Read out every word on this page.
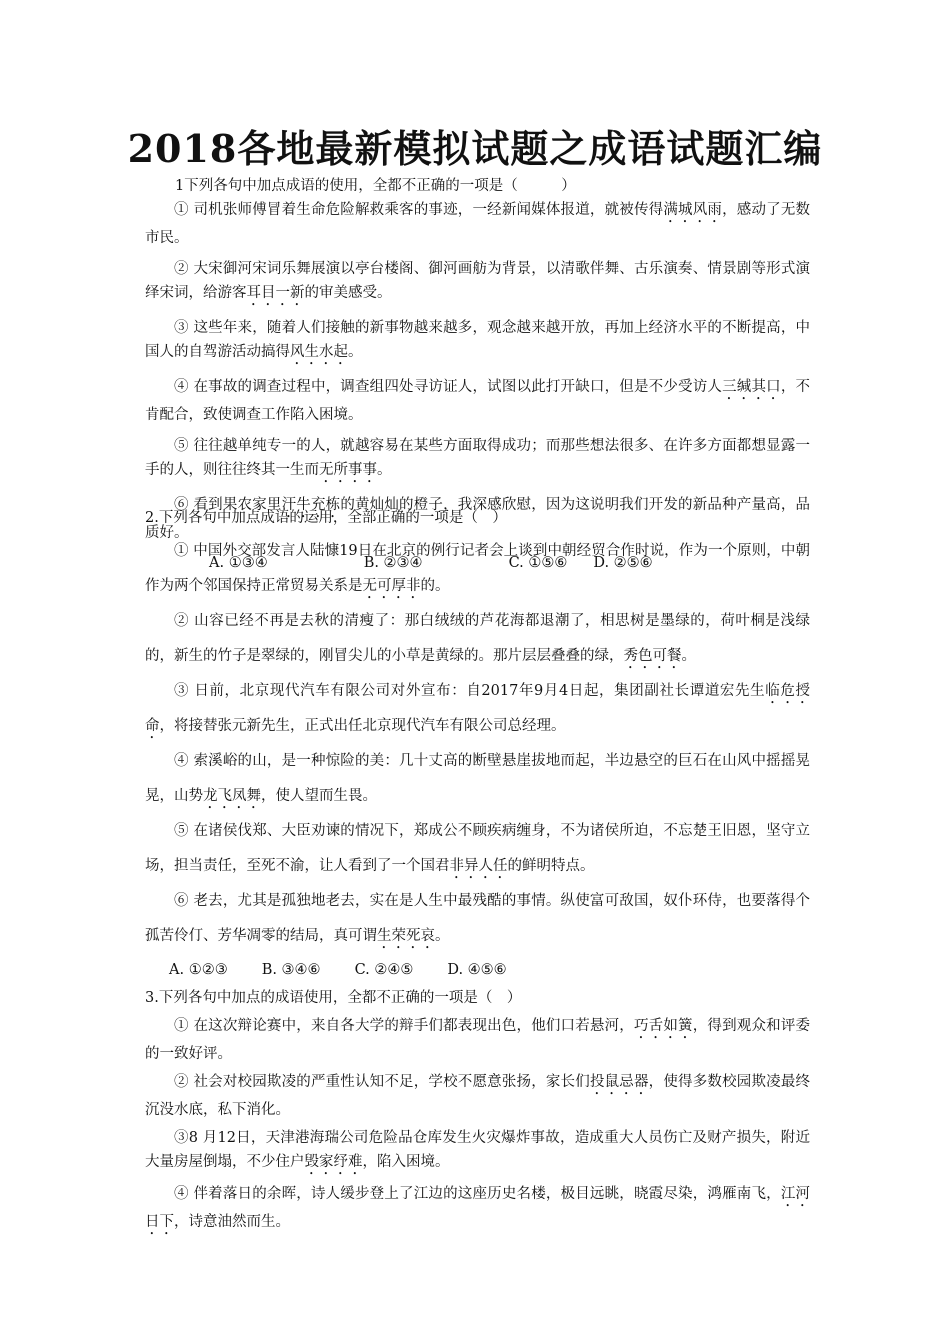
2018各地最新模拟试题之成语试题汇编

1下列各句中加点成语的使用，全都不正确的一项是（　　　）

① 司机张师傅冒着生命危险解救乘客的事迹，一经新闻媒体报道，就被传得满城风雨，感动了无数市民。

② 大宋御河宋词乐舞展演以亭台楼阁、御河画舫为背景，以清歌伴舞、古乐演奏、情景剧等形式演绎宋词，给游客耳目一新的审美感受。

③ 这些年来，随着人们接触的新事物越来越多，观念越来越开放，再加上经济水平的不断提高，中国人的自驾游活动搞得风生水起。

④ 在事故的调查过程中，调查组四处寻访证人，试图以此打开缺口，但是不少受访人三缄其口，不肯配合，致使调查工作陷入困境。

⑤ 往往越单纯专一的人，就越容易在某些方面取得成功；而那些想法很多、在许多方面都想显露一手的人，则往往终其一生而无所事事。

⑥ 看到果农家里汗牛充栋的黄灿灿的橙子，我深感欣慰，因为这说明我们开发的新品种产量高，品质好。

A. ①③④	B. ②③④	C. ①⑤⑥ D. ②⑤⑥

2.下列各句中加点成语的运用，全部正确的一项是（　）

① 中国外交部发言人陆慷19日在北京的例行记者会上谈到中朝经贸合作时说，作为一个原则，中朝作为两个邻国保持正常贸易关系是无可厚非的。

② 山容已经不再是去秋的清瘦了：那白绒绒的芦花海都退潮了，相思树是墨绿的，荷叶桐是浅绿的，新生的竹子是翠绿的，刚冒尖儿的小草是黄绿的。那片层层叠叠的绿，秀色可餐。

③ 日前，北京现代汽车有限公司对外宣布：自2017年9月4日起，集团副社长谭道宏先生临危授命，将接替张元新先生，正式出任北京现代汽车有限公司总经理。

④ 索溪峪的山，是一种惊险的美：几十丈高的断壁悬崖拔地而起，半边悬空的巨石在山风中摇摇晃晃，山势龙飞凤舞，使人望而生畏。

⑤ 在诸侯伐郑、大臣劝谏的情况下，郑成公不顾疾病缠身，不为诸侯所迫，不忘楚王旧恩，坚守立场，担当责任，至死不渝，让人看到了一个国君非异人任的鲜明特点。

⑥ 老去，尤其是孤独地老去，实在是人生中最残酷的事情。纵使富可敌国，奴仆环侍，也要落得个孤苦伶仃、芳华凋零的结局，真可谓生荣死哀。

A. ①②③ B. ③④⑥ C. ②④⑤ D. ④⑤⑥

3.下列各句中加点的成语使用，全都不正确的一项是（　）

① 在这次辩论赛中，来自各大学的辩手们都表现出色，他们口若悬河，巧舌如簧，得到观众和评委的一致好评。

② 社会对校园欺凌的严重性认知不足，学校不愿意张扬，家长们投鼠忌器，使得多数校园欺凌最终沉没水底，私下消化。

③8 月12日，天津港海瑞公司危险品仓库发生火灾爆炸事故，造成重大人员伤亡及财产损失，附近大量房屋倒塌，不少住户毁家纾难，陷入困境。

④ 伴着落日的余晖，诗人缓步登上了江边的这座历史名楼，极目远眺，晓霞尽染，鸿雁南飞，江河日下，诗意油然而生。
